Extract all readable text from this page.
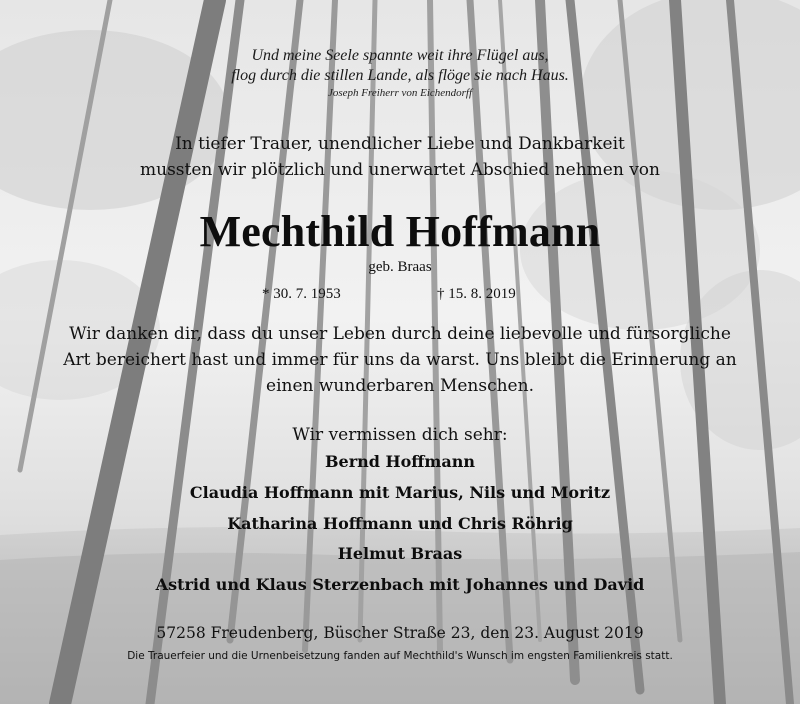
Und meine Seele spannte weit ihre Flügel aus,
flog durch die stillen Lande, als flöge sie nach Haus.
Joseph Freiherr von Eichendorff
In tiefer Trauer, unendlicher Liebe und Dankbarkeit
mussten wir plötzlich und unerwartet Abschied nehmen von
Mechthild Hoffmann
geb. Braas
* 30. 7. 1953	† 15. 8. 2019
Wir danken dir, dass du unser Leben durch deine liebevolle und fürsorgliche
Art bereichert hast und immer für uns da warst. Uns bleibt die Erinnerung an
einen wunderbaren Menschen.
Wir vermissen dich sehr:
Bernd Hoffmann
Claudia Hoffmann mit Marius, Nils und Moritz
Katharina Hoffmann und Chris Röhrig
Helmut Braas
Astrid und Klaus Sterzenbach mit Johannes und David
57258 Freudenberg, Büscher Straße 23, den 23. August 2019
Die Trauerfeier und die Urnenbeisetzung fanden auf Mechthild's Wunsch im engsten Familienkreis statt.
